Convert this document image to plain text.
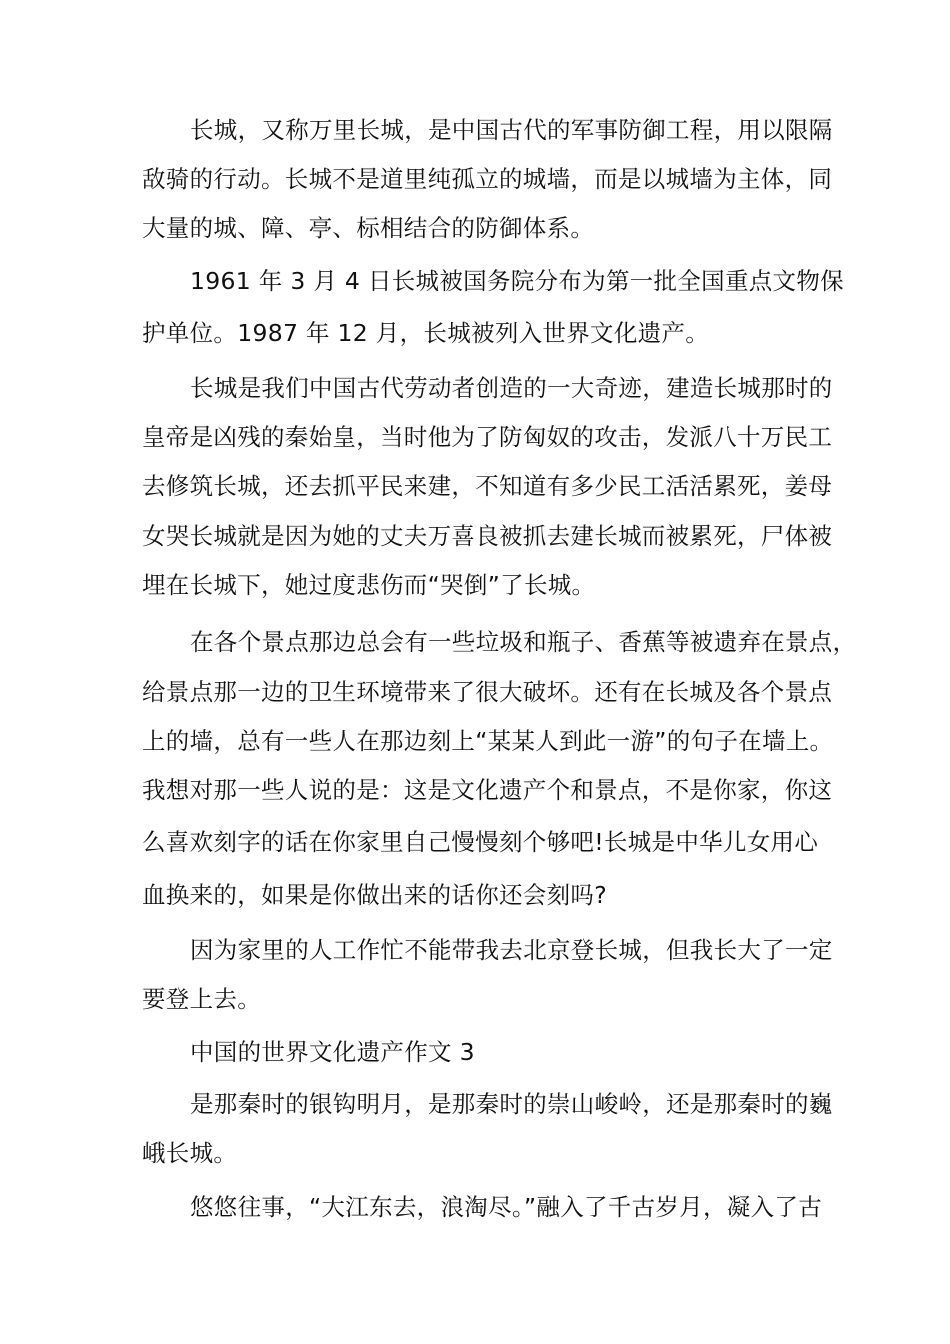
长城，又称万里长城，是中国古代的军事防御工程，用以限隔
敌骑的行动。长城不是道里纯孤立的城墙，而是以城墙为主体，同
大量的城、障、亭、标相结合的防御体系。
1961 年 3 月 4 日长城被国务院分布为第一批全国重点文物保
护单位。1987 年 12 月，长城被列入世界文化遗产。
长城是我们中国古代劳动者创造的一大奇迹，建造长城那时的
皇帝是凶残的秦始皇，当时他为了防匈奴的攻击，发派八十万民工
去修筑长城，还去抓平民来建，不知道有多少民工活活累死，姜母
女哭长城就是因为她的丈夫万喜良被抓去建长城而被累死，尸体被
埋在长城下，她过度悲伤而“哭倒”了长城。
在各个景点那边总会有一些垃圾和瓶子、香蕉等被遗弃在景点，
给景点那一边的卫生环境带来了很大破坏。还有在长城及各个景点
上的墙，总有一些人在那边刻上“某某人到此一游”的句子在墙上。
我想对那一些人说的是：这是文化遗产个和景点，不是你家，你这
么喜欢刻字的话在你家里自己慢慢刻个够吧!长城是中华儿女用心
血换来的，如果是你做出来的话你还会刻吗?
因为家里的人工作忙不能带我去北京登长城，但我长大了一定
要登上去。
中国的世界文化遗产作文 3
是那秦时的银钩明月，是那秦时的崇山峻岭，还是那秦时的巍
峨长城。
悠悠往事，“大江东去，浪淘尽。”融入了千古岁月，凝入了古
